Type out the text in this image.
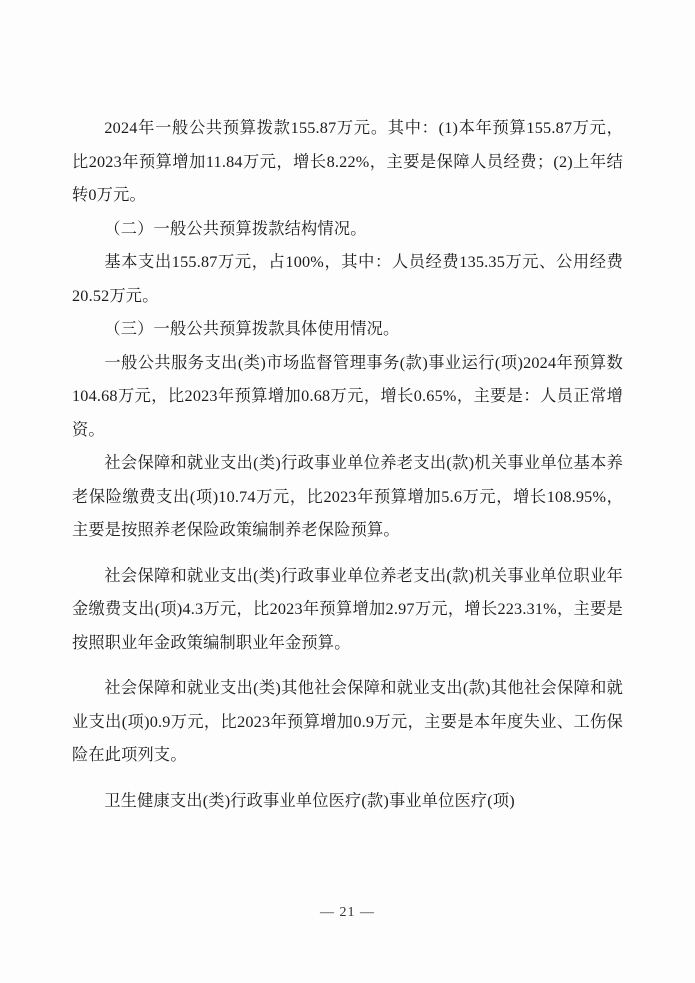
2024年一般公共预算拨款155.87万元。其中：(1)本年预算155.87万元，比2023年预算增加11.84万元，增长8.22%，主要是保障人员经费；(2)上年结转0万元。

（二）一般公共预算拨款结构情况。

基本支出155.87万元，占100%，其中：人员经费135.35万元、公用经费20.52万元。

（三）一般公共预算拨款具体使用情况。

一般公共服务支出(类)市场监督管理事务(款)事业运行(项)2024年预算数104.68万元，比2023年预算增加0.68万元，增长0.65%，主要是：人员正常增资。

社会保障和就业支出(类)行政事业单位养老支出(款)机关事业单位基本养老保险缴费支出(项)10.74万元，比2023年预算增加5.6万元，增长108.95%，主要是按照养老保险政策编制养老保险预算。

社会保障和就业支出(类)行政事业单位养老支出(款)机关事业单位职业年金缴费支出(项)4.3万元，比2023年预算增加2.97万元，增长223.31%，主要是按照职业年金政策编制职业年金预算。

社会保障和就业支出(类)其他社会保障和就业支出(款)其他社会保障和就业支出(项)0.9万元，比2023年预算增加0.9万元，主要是本年度失业、工伤保险在此项列支。

卫生健康支出(类)行政事业单位医疗(款)事业单位医疗(项)

— 21 —
